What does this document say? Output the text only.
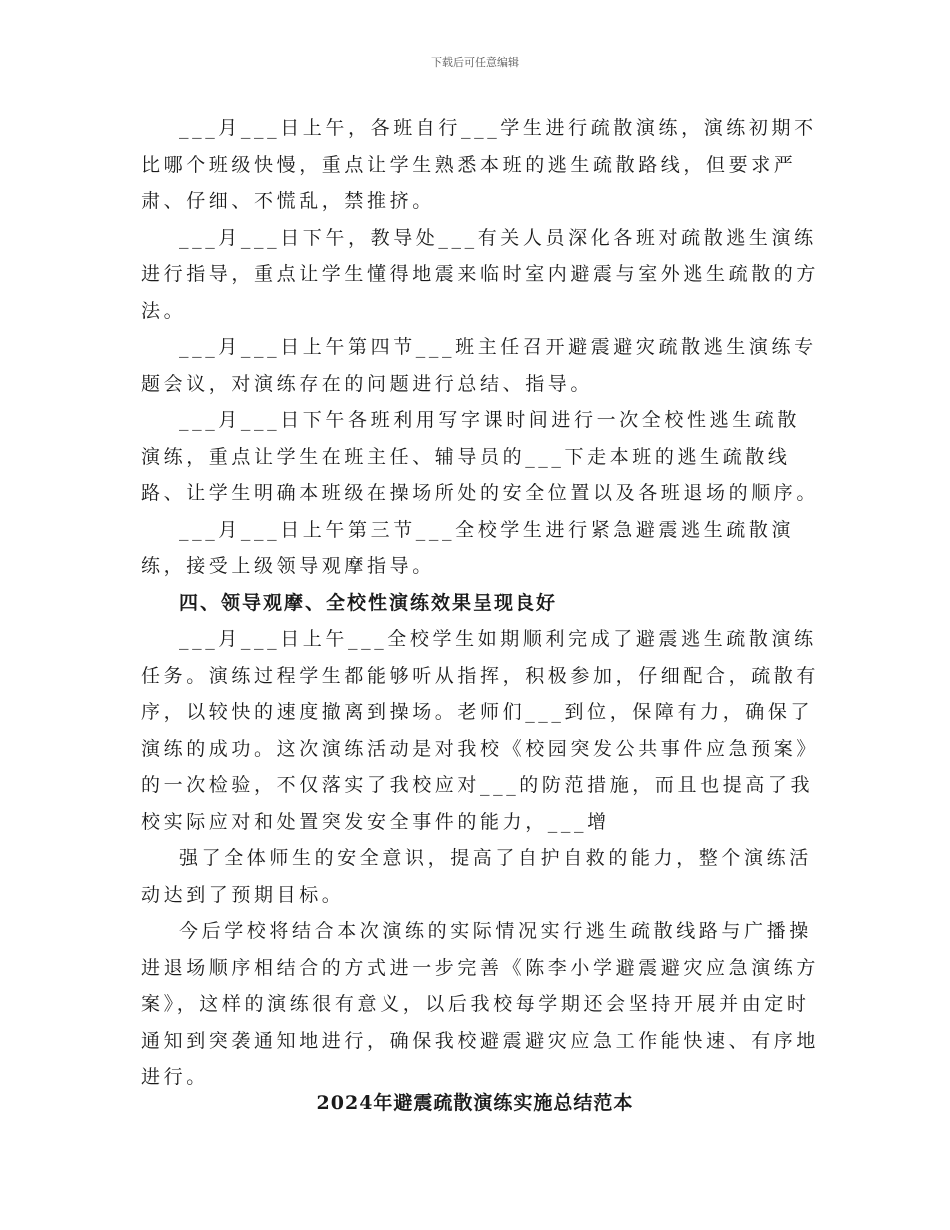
下载后可任意编辑

___月___日上午，各班自行___学生进行疏散演练，演练初期不比哪个班级快慢，重点让学生熟悉本班的逃生疏散路线，但要求严肃、仔细、不慌乱，禁推挤。

___月___日下午，教导处___有关人员深化各班对疏散逃生演练进行指导，重点让学生懂得地震来临时室内避震与室外逃生疏散的方法。

___月___日上午第四节___班主任召开避震避灾疏散逃生演练专题会议，对演练存在的问题进行总结、指导。

___月___日下午各班利用写字课时间进行一次全校性逃生疏散演练，重点让学生在班主任、辅导员的___下走本班的逃生疏散线路、让学生明确本班级在操场所处的安全位置以及各班退场的顺序。

___月___日上午第三节___全校学生进行紧急避震逃生疏散演练，接受上级领导观摩指导。

四、领导观摩、全校性演练效果呈现良好

___月___日上午___全校学生如期顺利完成了避震逃生疏散演练任务。演练过程学生都能够听从指挥，积极参加，仔细配合，疏散有序，以较快的速度撤离到操场。老师们___到位，保障有力，确保了演练的成功。这次演练活动是对我校《校园突发公共事件应急预案》的一次检验，不仅落实了我校应对___的防范措施，而且也提高了我校实际应对和处置突发安全事件的能力，___增

强了全体师生的安全意识，提高了自护自救的能力，整个演练活动达到了预期目标。

今后学校将结合本次演练的实际情况实行逃生疏散线路与广播操进退场顺序相结合的方式进一步完善《陈李小学避震避灾应急演练方案》，这样的演练很有意义，以后我校每学期还会坚持开展并由定时通知到突袭通知地进行，确保我校避震避灾应急工作能快速、有序地进行。

2024年避震疏散演练实施总结范本
